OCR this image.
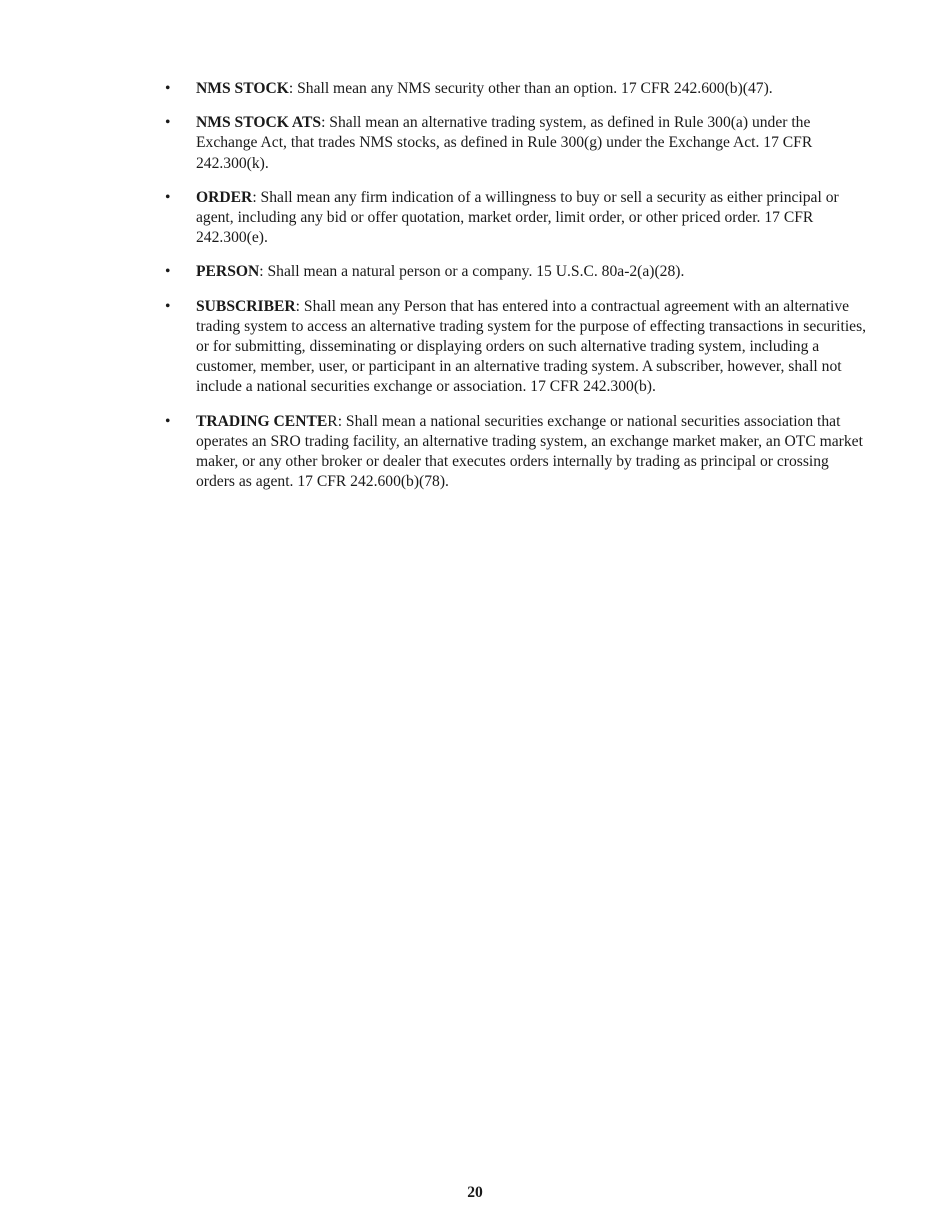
•	NMS STOCK: Shall mean any NMS security other than an option. 17 CFR 242.600(b)(47).
•	NMS STOCK ATS: Shall mean an alternative trading system, as defined in Rule 300(a) under the Exchange Act, that trades NMS stocks, as defined in Rule 300(g) under the Exchange Act. 17 CFR 242.300(k).
•	ORDER: Shall mean any firm indication of a willingness to buy or sell a security as either principal or agent, including any bid or offer quotation, market order, limit order, or other priced order. 17 CFR 242.300(e).
•	PERSON: Shall mean a natural person or a company. 15 U.S.C. 80a-2(a)(28).
•	SUBSCRIBER: Shall mean any Person that has entered into a contractual agreement with an alternative trading system to access an alternative trading system for the purpose of effecting transactions in securities, or for submitting, disseminating or displaying orders on such alternative trading system, including a customer, member, user, or participant in an alternative trading system. A subscriber, however, shall not include a national securities exchange or association. 17 CFR 242.300(b).
•	TRADING CENTER: Shall mean a national securities exchange or national securities association that operates an SRO trading facility, an alternative trading system, an exchange market maker, an OTC market maker, or any other broker or dealer that executes orders internally by trading as principal or crossing orders as agent. 17 CFR 242.600(b)(78).
20
